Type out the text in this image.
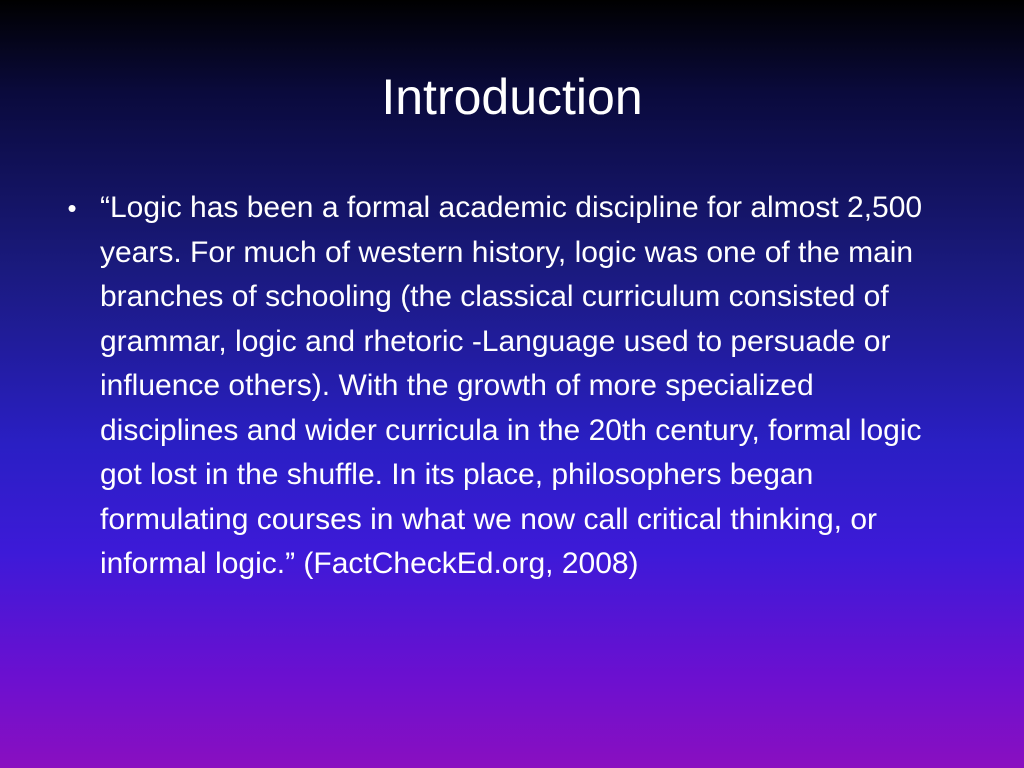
Introduction
• “Logic has been a formal academic discipline for almost 2,500 years. For much of western history, logic was one of the main branches of schooling (the classical curriculum consisted of grammar, logic and rhetoric -Language used to persuade or influence others). With the growth of more specialized disciplines and wider curricula in the 20th century, formal logic got lost in the shuffle. In its place, philosophers began formulating courses in what we now call critical thinking, or informal logic.” (FactCheckEd.org, 2008)
